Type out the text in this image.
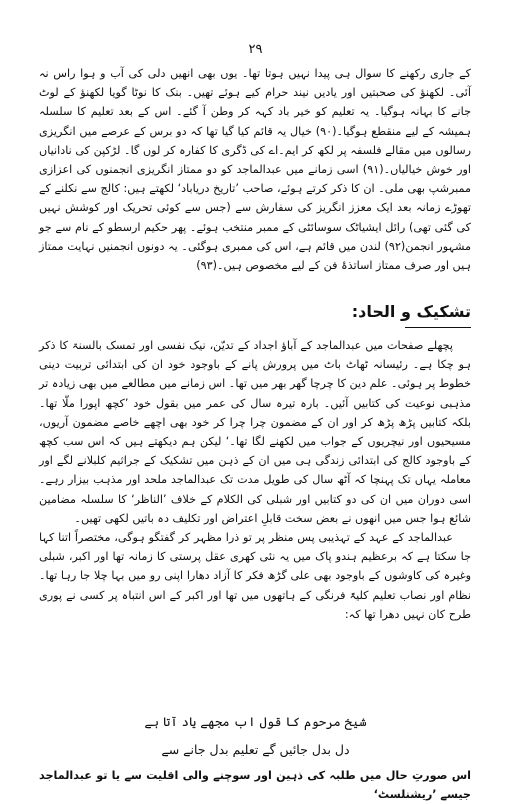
۲۹

کے جاری رکھنے کا سوال ہی پیدا نہیں ہوتا تھا۔ یوں بھی انھیں دلی کی آب و ہوا راس نہ آئی۔ لکھنؤ کی صحبتیں اور یادیں نیند حرام کیے ہوئے تھیں۔ بنک کا نوٹا گویا لکھنؤ کے لوٹ جانے کا بہانہ ہوگیا۔ یہ تعلیم کو خیر باد کہہ کر وطن آ گئے۔ اس کے بعد تعلیم کا سلسلہ ہمیشہ کے لیے منقطع ہوگیا۔(۹۰) خیال یہ قائم کیا گیا تھا کہ دو برس کے عرصے میں انگریزی رسالوں میں مقالے فلسفہ پر لکھ کر ایم۔اے کی ڈگری کا کفارہ کر لوں گا۔ لڑکپن کی نادانیاں اور خوش خیالیاں۔(۹۱) اسی زمانے میں عبدالماجد کو دو ممتاز انگریزی انجمنوں کی اعزازی ممبرشپ بھی ملی۔ ان کا ذکر کرتے ہوئے، صاحب ’تاریخ دریاباد‘ لکھتے ہیں: کالج سے نکلنے کے تھوڑے زمانہ بعد ایک معزز انگریز کی سفارش سے (جس سے کوئی تحریک اور کوشش نہیں کی گئی تھی) رائل ایشیاٹک سوسائٹی کے ممبر منتخب ہوئے۔ پھر حکیم ارسطو کے نام سے جو مشہور انجمن(۹۲) لندن میں قائم ہے، اس کی ممبری ہوگئی۔ یہ دونوں انجمنیں نہایت ممتاز ہیں اور صرف ممتاز اساتذۂ فن کے لیے مخصوص ہیں۔(۹۳)

تشکیک و الحاد:

پچھلے صفحات میں عبدالماجد کے آباؤ اجداد کے تدیّن، نیک نفسی اور تمسک بالسنۃ کا ذکر ہو چکا ہے۔ رئیسانہ ٹھاٹ باٹ میں پرورش پانے کے باوجود خود ان کی ابتدائی تربیت دینی خطوط پر ہوئی۔ علم دین کا چرچا گھر بھر میں تھا۔ اس زمانے میں مطالعے میں بھی زیادہ تر مذہبی نوعیت کی کتابیں آئیں۔ بارہ تیرہ سال کی عمر میں بقول خود ’کچھ اپورا ملّا تھا۔ بلکہ کتابیں پڑھ پڑھ کر اور ان کے مضمون چرا چرا کر خود بھی اچھے خاصے مضمون آریوں، مسیحیوں اور نیچریوں کے جواب میں لکھنے لگا تھا۔‘ لیکن ہم دیکھتے ہیں کہ اس سب کچھ کے باوجود کالج کی ابتدائی زندگی ہی میں ان کے ذہن میں تشکیک کے جراثیم کلبلانے لگے اور معاملہ یہاں تک پہنچا کہ آٹھ سال کی طویل مدت تک عبدالماجد ملحد اور مذہب بیزار رہے۔ اسی دوران میں ان کی دو کتابیں اور شبلی کی الکلام کے خلاف ’الناظر‘ کا سلسلہ مضامین شائع ہوا جس میں انھوں نے بعض سخت قابلِ اعتراض اور تکلیف دہ باتیں لکھی تھیں۔

عبدالماجد کے عہد کے تہذیبی پس منظر پر تو ذرا مظہر کر گفتگو ہوگی، مختصراً اتنا کہا جا سکتا ہے کہ برعظیم ہندو پاک میں یہ نئی کھری عقل پرستی کا زمانہ تھا اور اکبر، شبلی وغیرہ کی کاوشوں کے باوجود بھی علی گڑھ فکر کا آزاد دھارا اپنی رو میں بہا چلا جا رہا تھا۔ نظام اور نصاب تعلیم کلیۃً فرنگی کے ہاتھوں میں تھا اور اکبر کے اس انتباہ پر کسی نے پوری طرح کان نہیں دھرا تھا کہ:

شیخ مرحوم کا قول اب مجھے یاد آتا ہے
دل بدل جائیں گے تعلیم بدل جانے سے
اس صورتِ حال میں طلبہ کی ذہین اور سوچنے والی اقلیت سے یا تو عبدالماجد جیسے ’ریشنلسٹ‘
